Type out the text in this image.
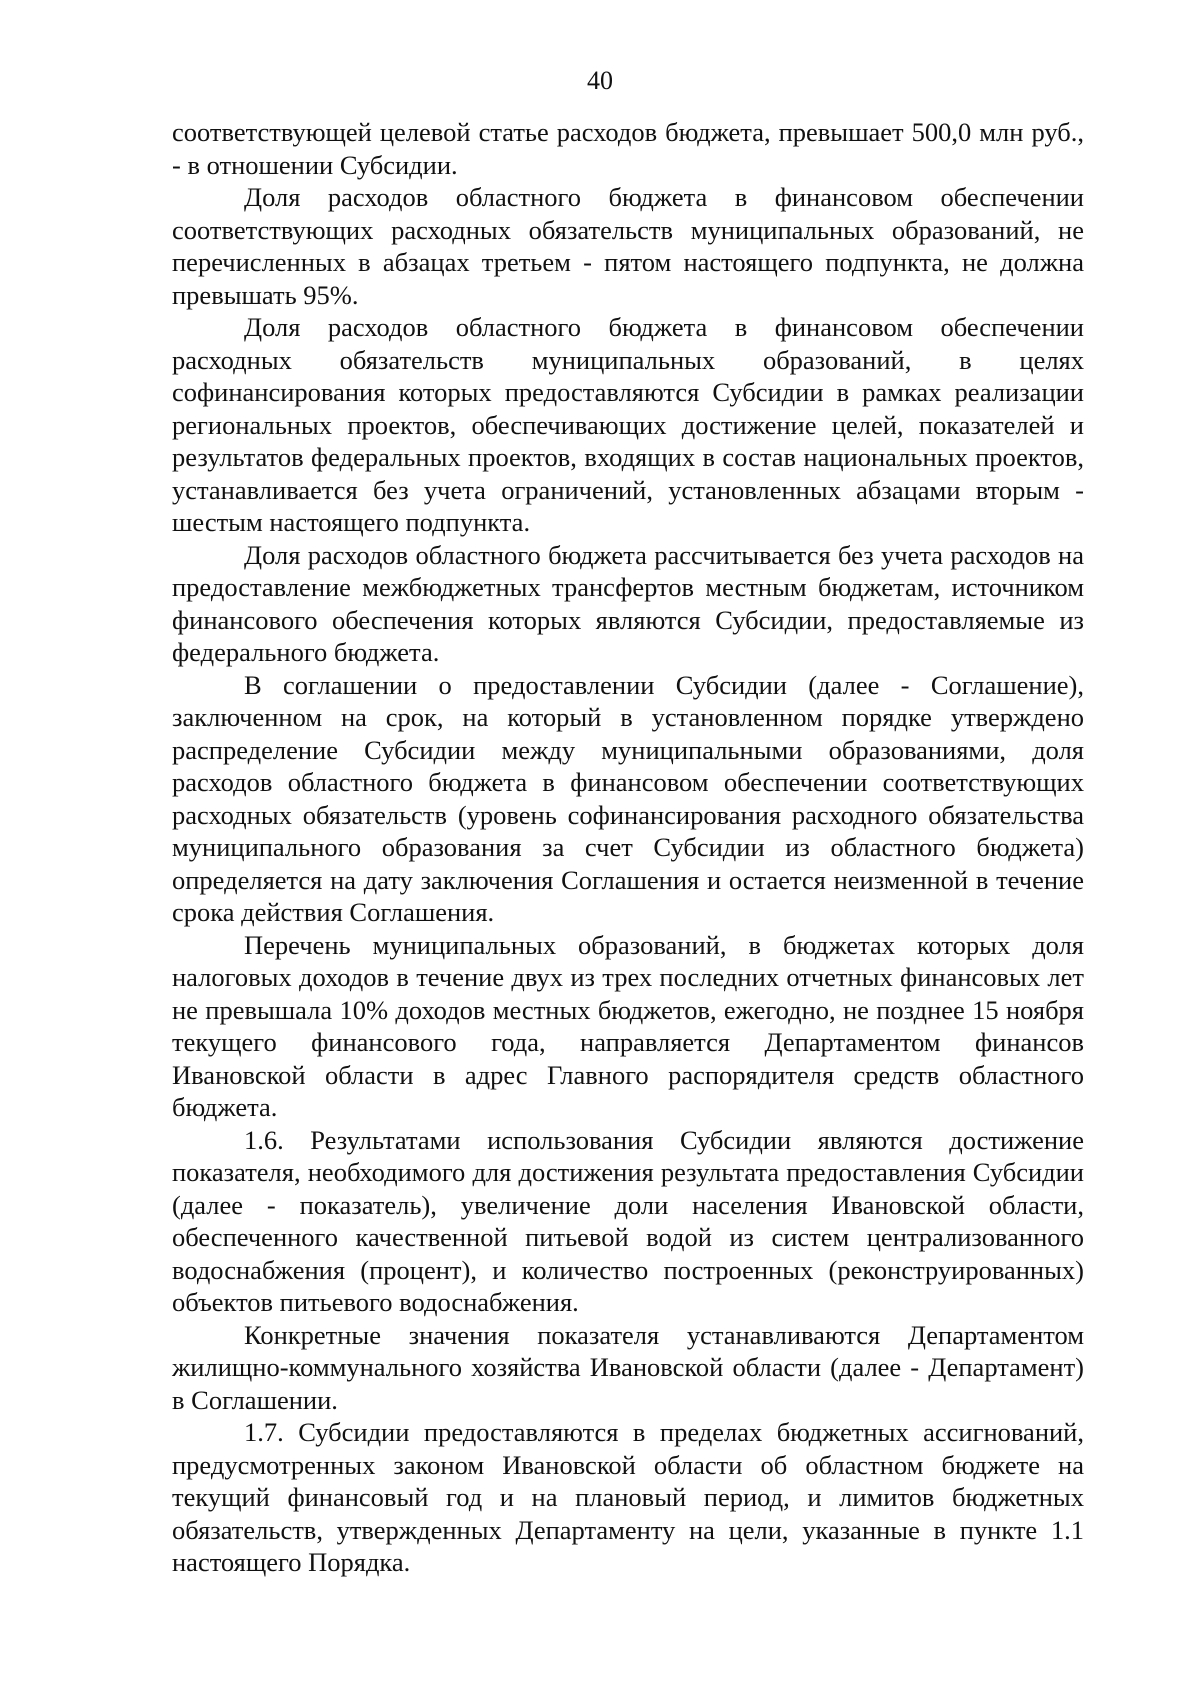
40

соответствующей целевой статье расходов бюджета, превышает 500,0 млн руб., - в отношении Субсидии.

Доля расходов областного бюджета в финансовом обеспечении соответствующих расходных обязательств муниципальных образований, не перечисленных в абзацах третьем - пятом настоящего подпункта, не должна превышать 95%.

Доля расходов областного бюджета в финансовом обеспечении расходных обязательств муниципальных образований, в целях софинансирования которых предоставляются Субсидии в рамках реализации региональных проектов, обеспечивающих достижение целей, показателей и результатов федеральных проектов, входящих в состав национальных проектов, устанавливается без учета ограничений, установленных абзацами вторым - шестым настоящего подпункта.

Доля расходов областного бюджета рассчитывается без учета расходов на предоставление межбюджетных трансфертов местным бюджетам, источником финансового обеспечения которых являются Субсидии, предоставляемые из федерального бюджета.

В соглашении о предоставлении Субсидии (далее - Соглашение), заключенном на срок, на который в установленном порядке утверждено распределение Субсидии между муниципальными образованиями, доля расходов областного бюджета в финансовом обеспечении соответствующих расходных обязательств (уровень софинансирования расходного обязательства муниципального образования за счет Субсидии из областного бюджета) определяется на дату заключения Соглашения и остается неизменной в течение срока действия Соглашения.

Перечень муниципальных образований, в бюджетах которых доля налоговых доходов в течение двух из трех последних отчетных финансовых лет не превышала 10% доходов местных бюджетов, ежегодно, не позднее 15 ноября текущего финансового года, направляется Департаментом финансов Ивановской области в адрес Главного распорядителя средств областного бюджета.

1.6. Результатами использования Субсидии являются достижение показателя, необходимого для достижения результата предоставления Субсидии (далее - показатель), увеличение доли населения Ивановской области, обеспеченного качественной питьевой водой из систем централизованного водоснабжения (процент), и количество построенных (реконструированных) объектов питьевого водоснабжения.

Конкретные значения показателя устанавливаются Департаментом жилищно-коммунального хозяйства Ивановской области (далее - Департамент) в Соглашении.

1.7. Субсидии предоставляются в пределах бюджетных ассигнований, предусмотренных законом Ивановской области об областном бюджете на текущий финансовый год и на плановый период, и лимитов бюджетных обязательств, утвержденных Департаменту на цели, указанные в пункте 1.1 настоящего Порядка.
